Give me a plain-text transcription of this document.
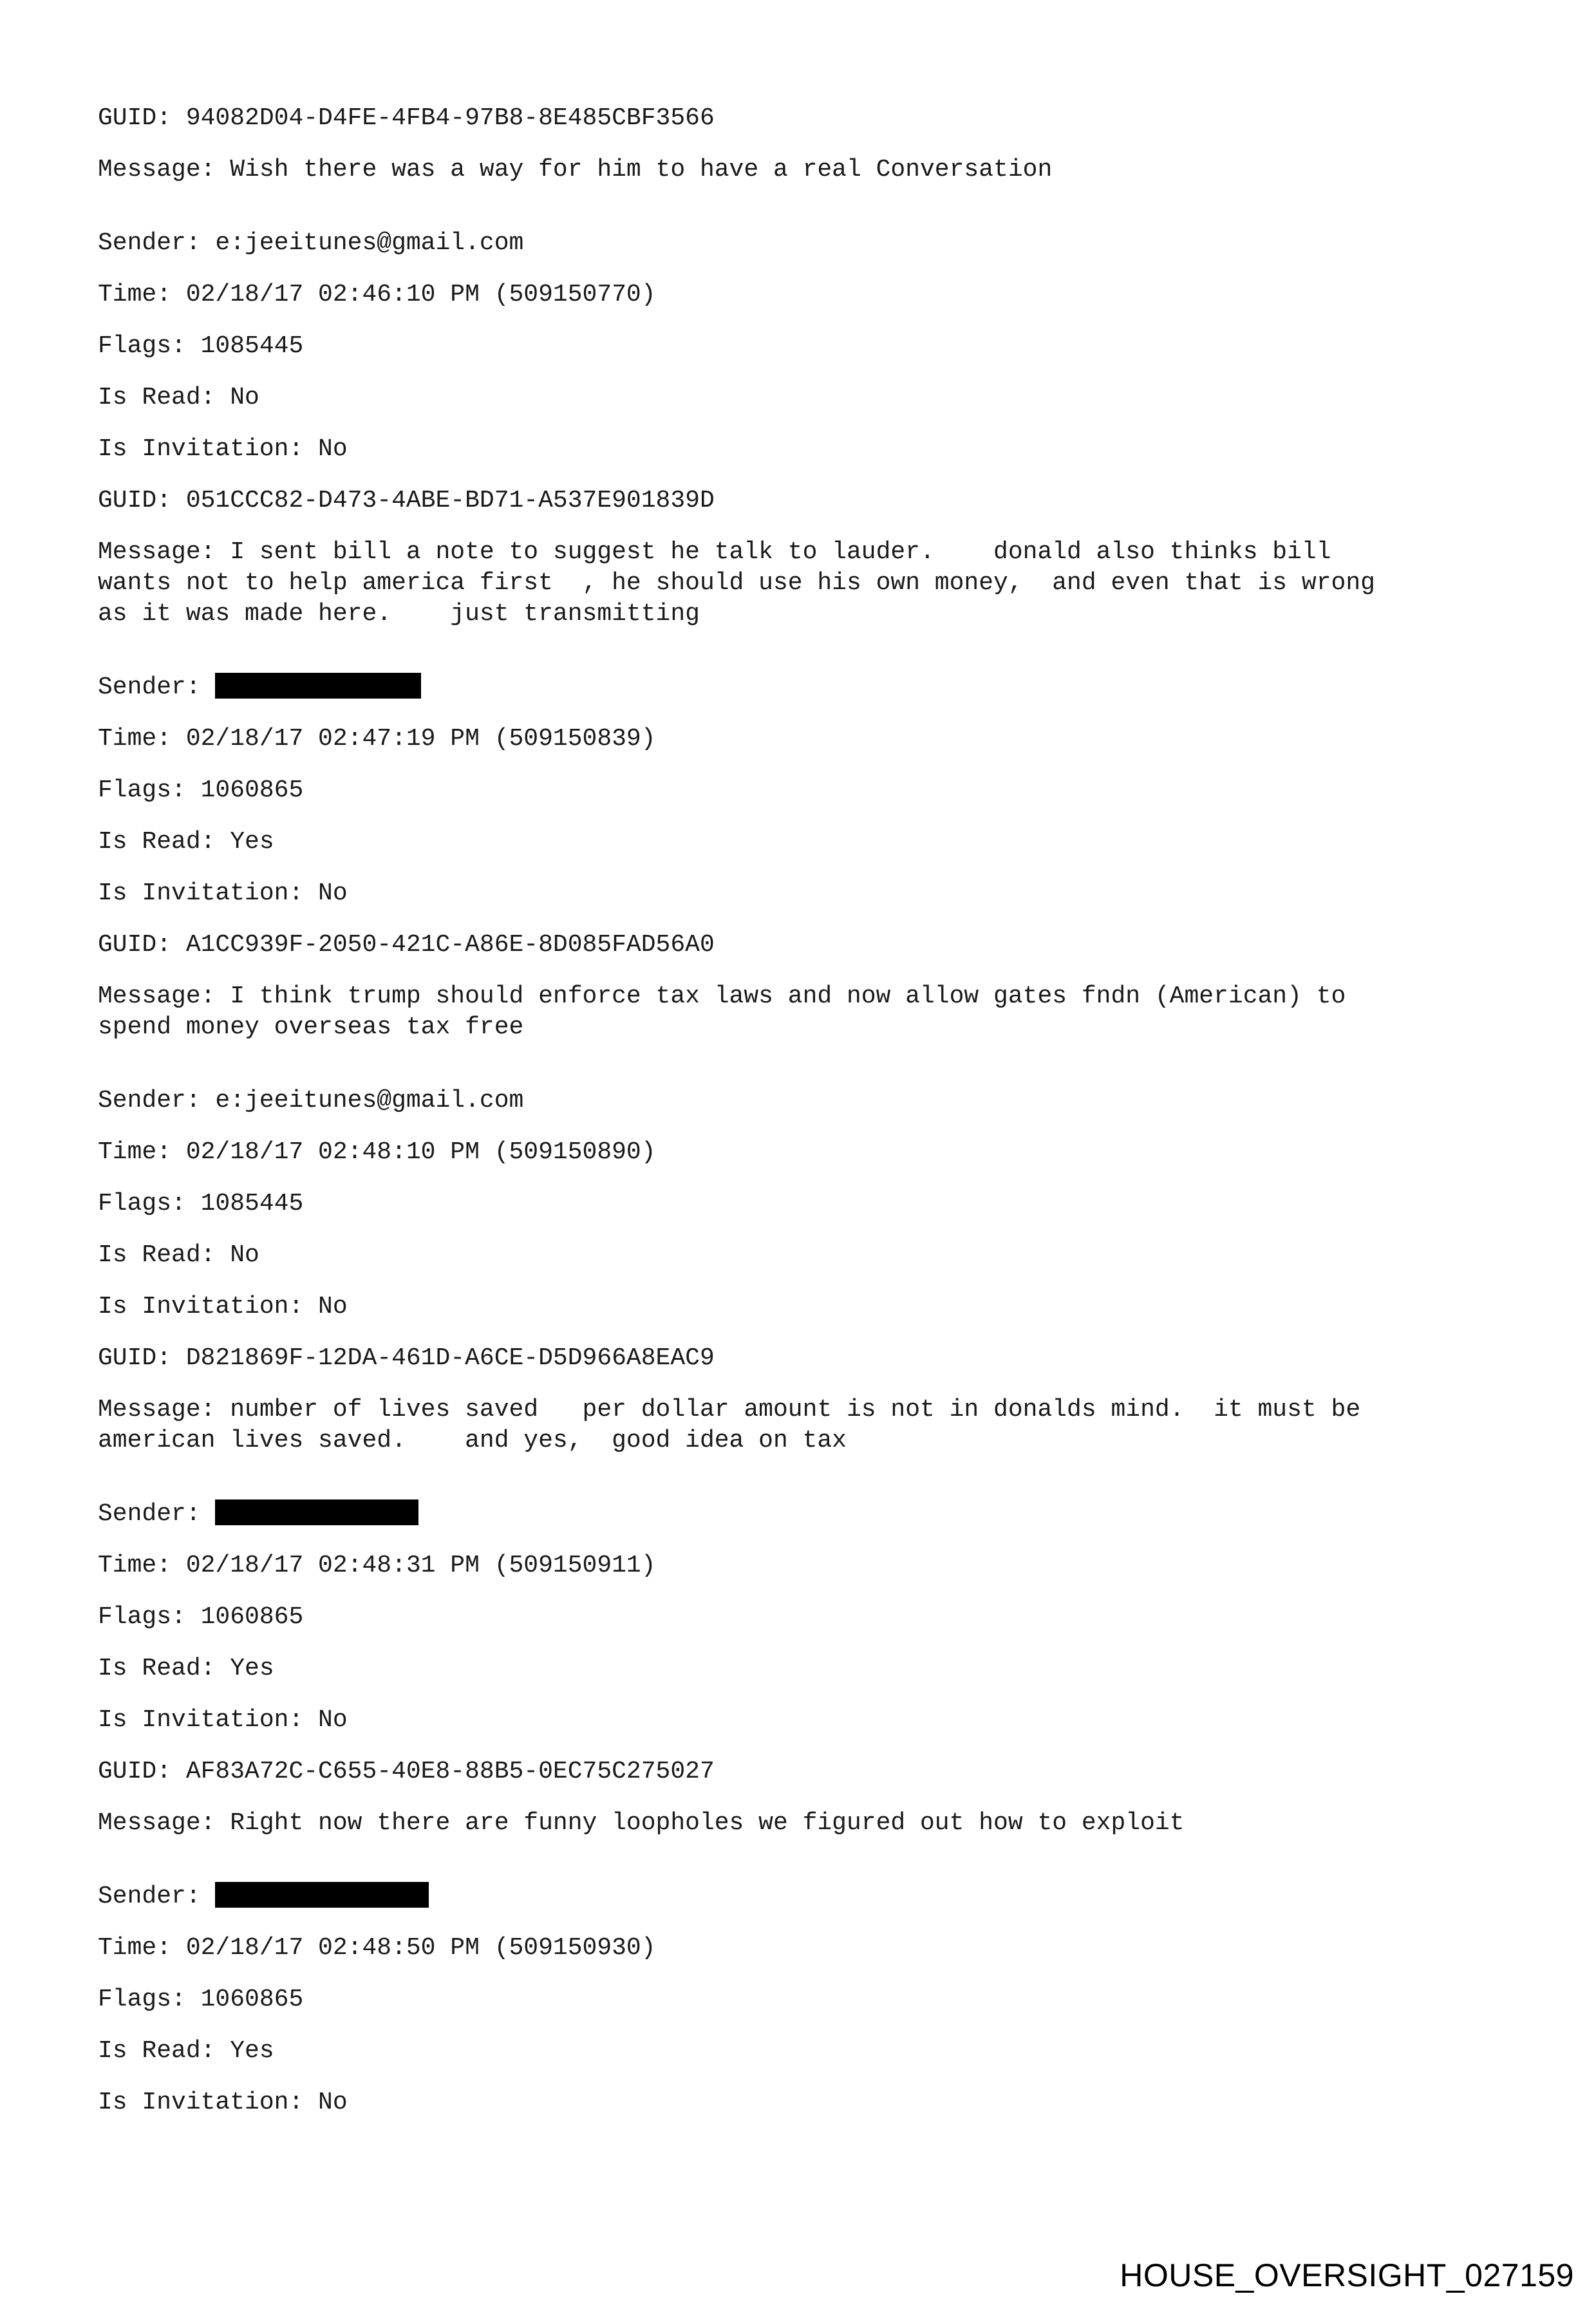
GUID: 94082D04-D4FE-4FB4-97B8-8E485CBF3566

Message: Wish there was a way for him to have a real Conversation

Sender: e:jeeitunes@gmail.com

Time: 02/18/17 02:46:10 PM (509150770)

Flags: 1085445

Is Read: No

Is Invitation: No

GUID: 051CCC82-D473-4ABE-BD71-A537E901839D

Message: I sent bill a note to suggest he talk to lauder.    donald also thinks bill

wants not to help america first  , he should use his own money,  and even that is wrong

as it was made here.    just transmitting

Sender:

Time: 02/18/17 02:47:19 PM (509150839)

Flags: 1060865

Is Read: Yes

Is Invitation: No

GUID: A1CC939F-2050-421C-A86E-8D085FAD56A0

Message: I think trump should enforce tax laws and now allow gates fndn (American) to

spend money overseas tax free

Sender: e:jeeitunes@gmail.com

Time: 02/18/17 02:48:10 PM (509150890)

Flags: 1085445

Is Read: No

Is Invitation: No

GUID: D821869F-12DA-461D-A6CE-D5D966A8EAC9

Message: number of lives saved   per dollar amount is not in donalds mind.  it must be

american lives saved.    and yes,  good idea on tax

Sender:

Time: 02/18/17 02:48:31 PM (509150911)

Flags: 1060865

Is Read: Yes

Is Invitation: No

GUID: AF83A72C-C655-40E8-88B5-0EC75C275027

Message: Right now there are funny loopholes we figured out how to exploit

Sender:

Time: 02/18/17 02:48:50 PM (509150930)

Flags: 1060865

Is Read: Yes

Is Invitation: No

HOUSE_OVERSIGHT_027159
